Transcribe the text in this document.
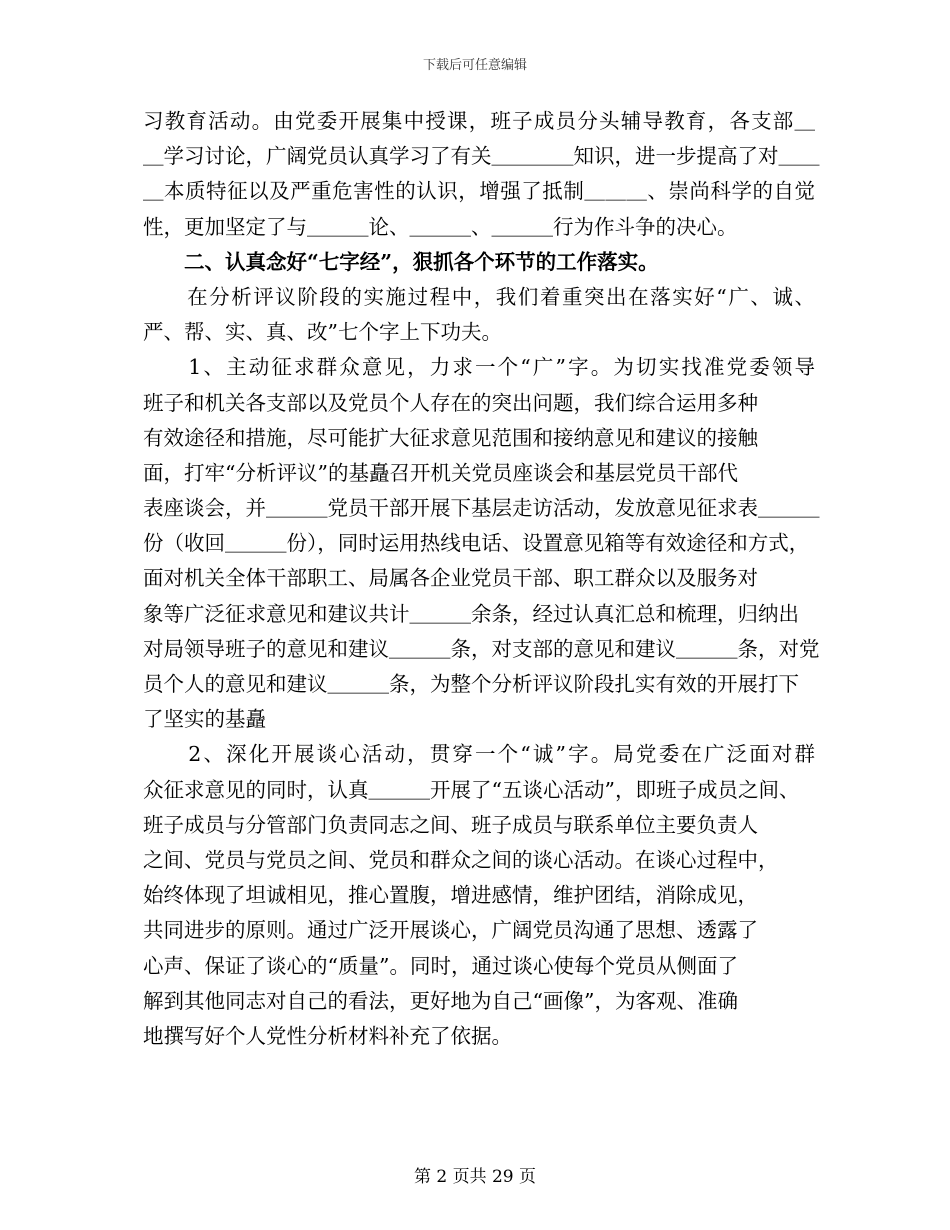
下载后可任意编辑
习教育活动。由党委开展集中授课，班子成员分头辅导教育，各支部＿
＿学习讨论，广阔党员认真学习了有关＿＿＿＿知识，进一步提高了对＿＿
＿本质特征以及严重危害性的认识，增强了抵制＿＿＿、崇尚科学的自觉
性，更加坚定了与＿＿＿论、＿＿＿、＿＿＿行为作斗争的决心。
　　二、认真念好“七字经”，狠抓各个环节的工作落实。
　　在分析评议阶段的实施过程中，我们着重突出在落实好“广、诚、
严、帮、实、真、改”七个字上下功夫。
　　1、主动征求群众意见，力求一个“广”字。为切实找准党委领导
班子和机关各支部以及党员个人存在的突出问题，我们综合运用多种
有效途径和措施，尽可能扩大征求意见范围和接纳意见和建议的接触
面，打牢“分析评议”的基矗召开机关党员座谈会和基层党员干部代
表座谈会，并＿＿＿党员干部开展下基层走访活动，发放意见征求表＿＿＿
份（收回＿＿＿份），同时运用热线电话、设置意见箱等有效途径和方式，
面对机关全体干部职工、局属各企业党员干部、职工群众以及服务对
象等广泛征求意见和建议共计＿＿＿余条，经过认真汇总和梳理，归纳出
对局领导班子的意见和建议＿＿＿条，对支部的意见和建议＿＿＿条，对党
员个人的意见和建议＿＿＿条，为整个分析评议阶段扎实有效的开展打下
了坚实的基矗
　　2、深化开展谈心活动，贯穿一个“诚”字。局党委在广泛面对群
众征求意见的同时，认真＿＿＿开展了“五谈心活动”，即班子成员之间、
班子成员与分管部门负责同志之间、班子成员与联系单位主要负责人
之间、党员与党员之间、党员和群众之间的谈心活动。在谈心过程中，
始终体现了坦诚相见，推心置腹，增进感情，维护团结，消除成见，
共同进步的原则。通过广泛开展谈心，广阔党员沟通了思想、透露了
心声、保证了谈心的“质量”。同时，通过谈心使每个党员从侧面了
解到其他同志对自己的看法，更好地为自己“画像”，为客观、准确
地撰写好个人党性分析材料补充了依据。
第 2 页共 29 页
